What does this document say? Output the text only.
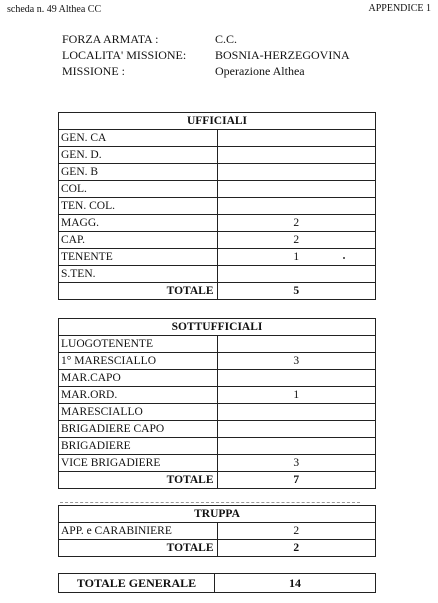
scheda n. 49 Althea CC	APPENDICE 1
FORZA ARMATA :	C.C.
LOCALITA' MISSIONE: BOSNIA-HERZEGOVINA
MISSIONE :	Operazione Althea
UFFICIALI	
GEN. CA	
GEN. D.	
GEN. B	
COL.	
TEN. COL.	
MAGG.	2
CAP.	2
TENENTE	1
S.TEN.	
TOTALE	5
SOTTUFFICIALI	
LUOGOTENENTE	
1° MARESCIALLO	3
MAR.CAPO	
MAR.ORD.	1
MARESCIALLO	
BRIGADIERE CAPO	
BRIGADIERE	
VICE BRIGADIERE	3
TOTALE	7
TRUPPA	
APP. e CARABINIERE	2
TOTALE	2
TOTALE GENERALE	14
